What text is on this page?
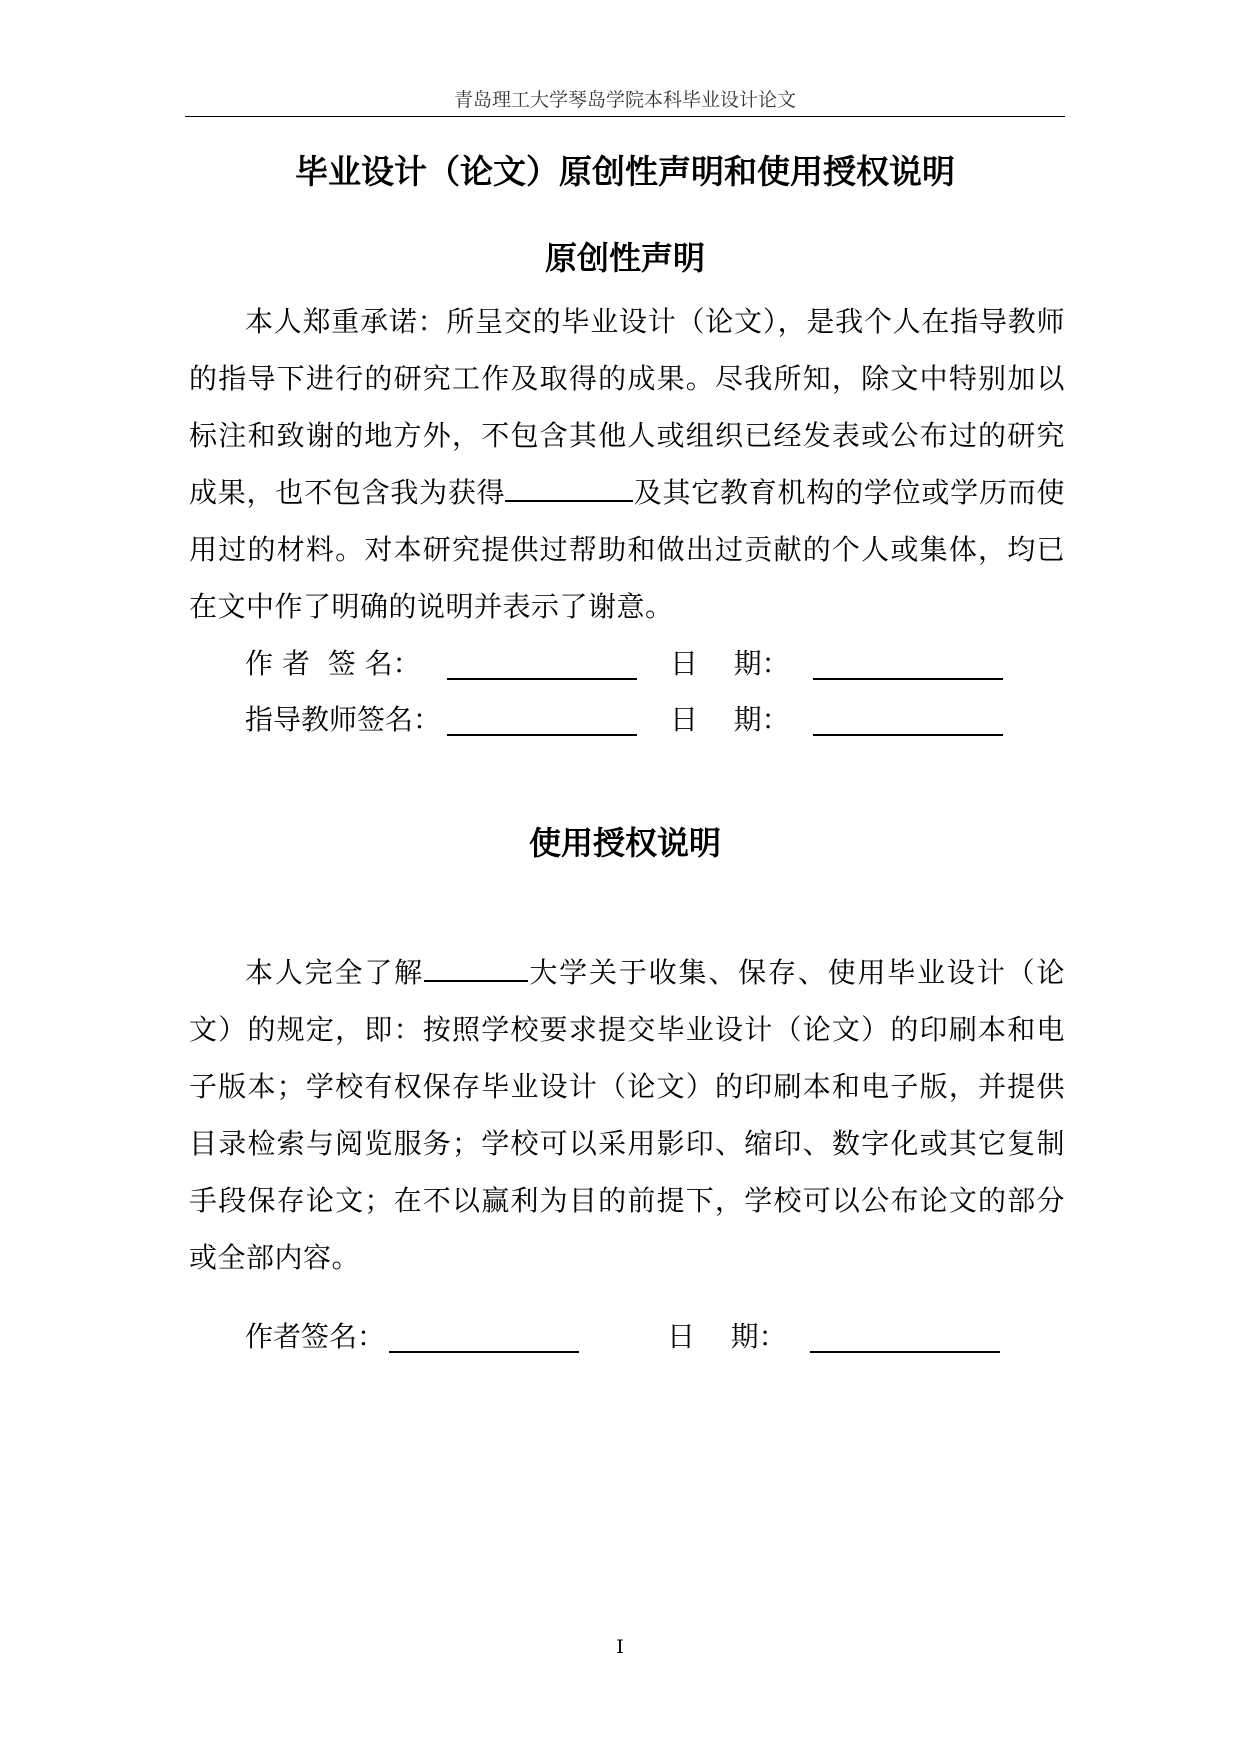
青岛理工大学琴岛学院本科毕业设计论文
毕业设计（论文）原创性声明和使用授权说明
原创性声明

本人郑重承诺：所呈交的毕业设计（论文），是我个人在指导教师的指导下进行的研究工作及取得的成果。尽我所知，除文中特别加以标注和致谢的地方外，不包含其他人或组织已经发表或公布过的研究成果，也不包含我为获得	及其它教育机构的学位或学历而使用过的材料。对本研究提供过帮助和做出过贡献的个人或集体，均已在文中作了明确的说明并表示了谢意。

作 者  签 名：	日    期：
指导教师签名：	日    期：
使用授权说明

本人完全了解	大学关于收集、保存、使用毕业设计（论文）的规定，即：按照学校要求提交毕业设计（论文）的印刷本和电子版本；学校有权保存毕业设计（论文）的印刷本和电子版，并提供目录检索与阅览服务；学校可以采用影印、缩印、数字化或其它复制手段保存论文；在不以赢利为目的前提下，学校可以公布论文的部分或全部内容。

作者签名：	日    期：
I
